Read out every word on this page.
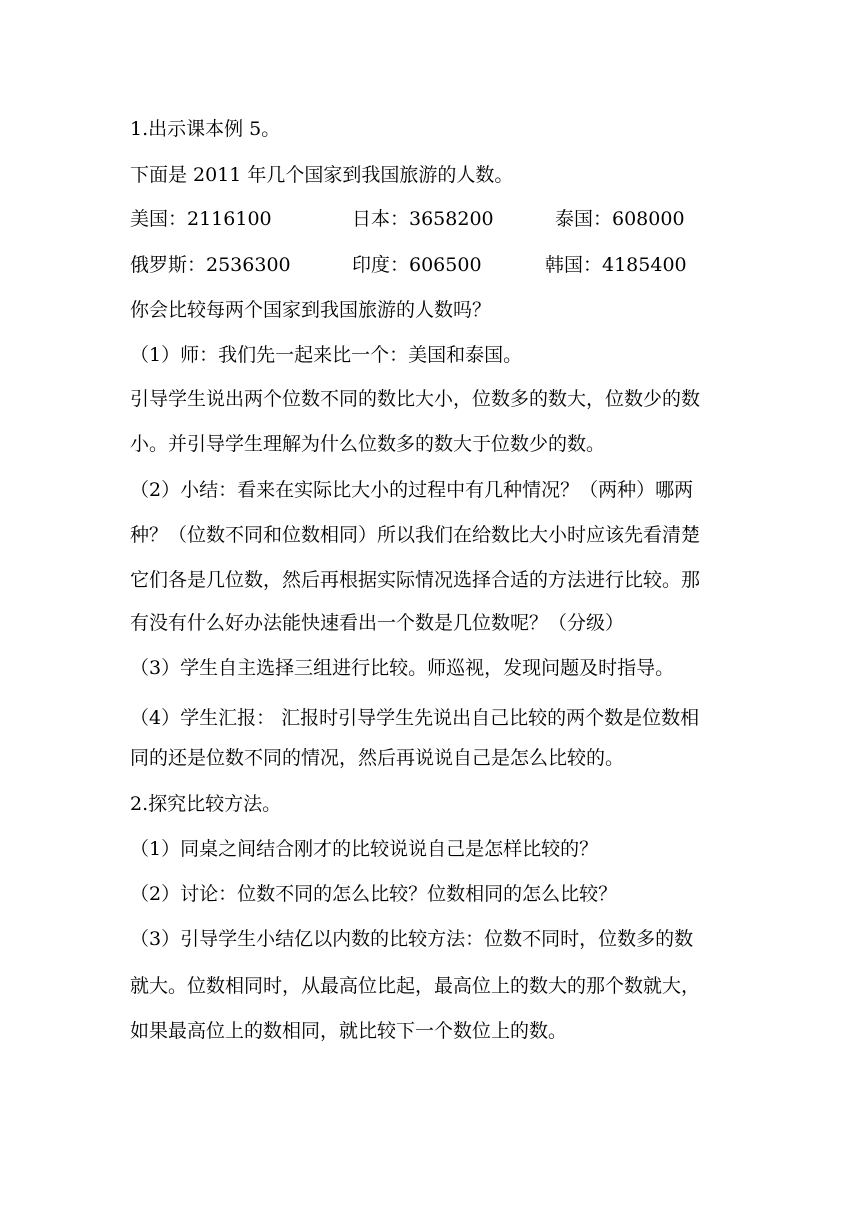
1.出示课本例 5。
下面是 2011 年几个国家到我国旅游的人数。
美国：2116100	日本：3658200	泰国：608000
俄罗斯：2536300	印度：606500	韩国：4185400
你会比较每两个国家到我国旅游的人数吗？
（1）师：我们先一起来比一个：美国和泰国。
引导学生说出两个位数不同的数比大小，位数多的数大，位数少的数
小。并引导学生理解为什么位数多的数大于位数少的数。
（2）小结：看来在实际比大小的过程中有几种情况？（两种）哪两
种？（位数不同和位数相同）所以我们在给数比大小时应该先看清楚
它们各是几位数，然后再根据实际情况选择合适的方法进行比较。那
有没有什么好办法能快速看出一个数是几位数呢？（分级）
（3）学生自主选择三组进行比较。师巡视，发现问题及时指导。
（4）学生汇报： 汇报时引导学生先说出自己比较的两个数是位数相
同的还是位数不同的情况，然后再说说自己是怎么比较的。
2.探究比较方法。
（1）同桌之间结合刚才的比较说说自己是怎样比较的？
（2）讨论：位数不同的怎么比较？位数相同的怎么比较？
（3）引导学生小结亿以内数的比较方法：位数不同时，位数多的数
就大。位数相同时，从最高位比起，最高位上的数大的那个数就大，
如果最高位上的数相同，就比较下一个数位上的数。
